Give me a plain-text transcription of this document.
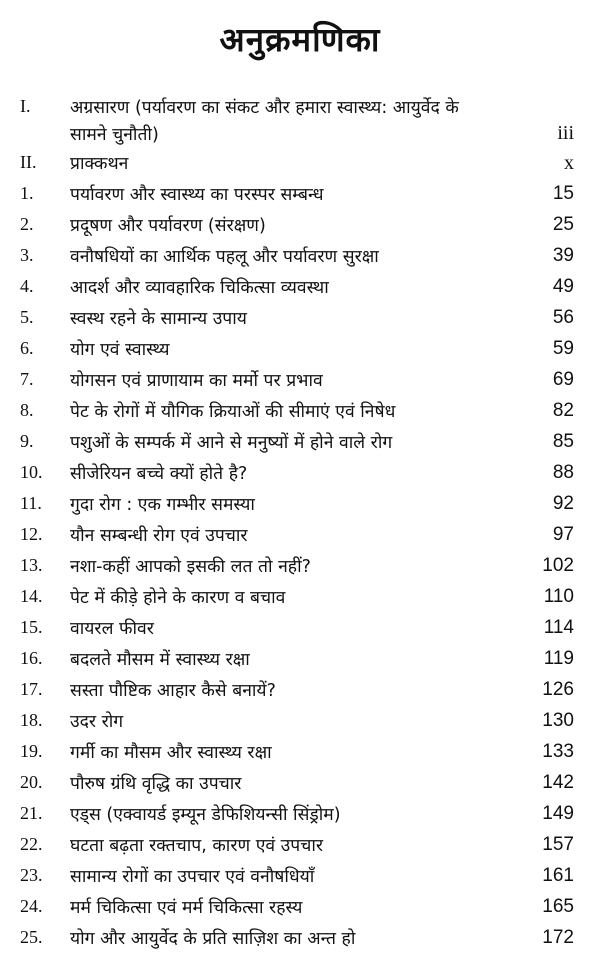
अनुक्रमणिका
I. अग्रसारण (पर्यावरण का संकट और हमारा स्वास्थ्य: आयुर्वेद के
सामने चुनौती)	iii
II. प्राक्कथन	x
1. पर्यावरण और स्वास्थ्य का परस्पर सम्बन्ध	15
2. प्रदूषण और पर्यावरण (संरक्षण)	25
3. वनौषधियों का आर्थिक पहलू और पर्यावरण सुरक्षा	39
4. आदर्श और व्यावहारिक चिकित्सा व्यवस्था	49
5. स्वस्थ रहने के सामान्य उपाय	56
6. योग एवं स्वास्थ्य	59
7. योगसन एवं प्राणायाम का मर्मो पर प्रभाव	69
8. पेट के रोगों में यौगिक क्रियाओं की सीमाएं एवं निषेध	82
9. पशुओं के सम्पर्क में आने से मनुष्यों में होने वाले रोग	85
10. सीजेरियन बच्चे क्यों होते है?	88
11. गुदा रोग : एक गम्भीर समस्या	92
12. यौन सम्बन्धी रोग एवं उपचार	97
13. नशा-कहीं आपको इसकी लत तो नहीं?	102
14. पेट में कीड़े होने के कारण व बचाव	110
15. वायरल फीवर	114
16. बदलते मौसम में स्वास्थ्य रक्षा	119
17. सस्ता पौष्टिक आहार कैसे बनायें?	126
18. उदर रोग	130
19. गर्मी का मौसम और स्वास्थ्य रक्षा	133
20. पौरुष ग्रंथि वृद्धि का उपचार	142
21. एड्स (एक्वायर्ड इम्यून डेफिशियन्सी सिंड्रोम)	149
22. घटता बढ़ता रक्तचाप, कारण एवं उपचार	157
23. सामान्य रोगों का उपचार एवं वनौषधियाँ	161
24. मर्म चिकित्सा एवं मर्म चिकित्सा रहस्य	165
25. योग और आयुर्वेद के प्रति साज़िश का अन्त हो	172
